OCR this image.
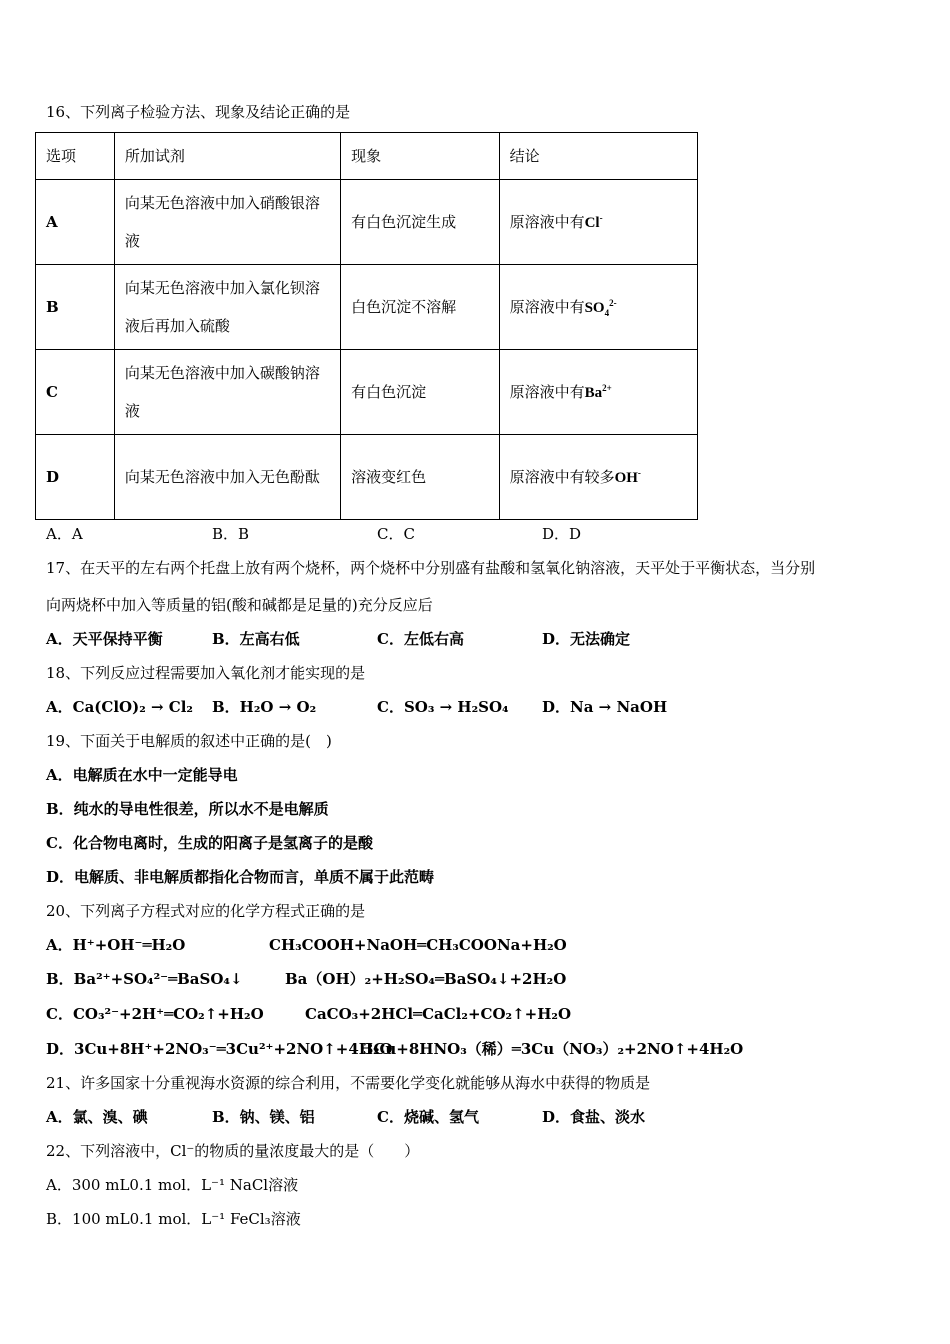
16、下列离子检验方法、现象及结论正确的是
选项	所加试剂	现象	结论
A	向某无色溶液中加入硝酸银溶液	有白色沉淀生成	原溶液中有Cl-
B	向某无色溶液中加入氯化钡溶液后再加入硫酸	白色沉淀不溶解	原溶液中有$SO_4^{2-}$
C	向某无色溶液中加入碳酸钠溶液	有白色沉淀	原溶液中有$Ba^{2+}$
D	向某无色溶液中加入无色酚酞	溶液变红色	原溶液中有较多OH-
A．A	B．B	C．C	D．D
17、在天平的左右两个托盘上放有两个烧杯，两个烧杯中分别盛有盐酸和氢氧化钠溶液，天平处于平衡状态，当分别
向两烧杯中加入等质量的铝(酸和碱都是足量的)充分反应后
A．天平保持平衡	B．左高右低	C．左低右高	D．无法确定
18、下列反应过程需要加入氧化剂才能实现的是
A．Ca(ClO)₂ → Cl₂ B．H₂O → O₂	C．SO₃ → H₂SO₄ D．Na → NaOH
19、下面关于电解质的叙述中正确的是(　)
A．电解质在水中一定能导电
B．纯水的导电性很差，所以水不是电解质
C．化合物电离时，生成的阳离子是氢离子的是酸
D．电解质、非电解质都指化合物而言，单质不属于此范畴
20、下列离子方程式对应的化学方程式正确的是
A．H⁺+OH⁻═H₂O	CH₃COOH+NaOH═CH₃COONa+H₂O
B．Ba²⁺+SO₄²⁻═BaSO₄↓	Ba（OH）₂+H₂SO₄═BaSO₄↓+2H₂O
C．CO₃²⁻+2H⁺═CO₂↑+H₂O	CaCO₃+2HCl═CaCl₂+CO₂↑+H₂O
D．3Cu+8H⁺+2NO₃⁻═3Cu²⁺+2NO↑+4H₂O
3Cu+8HNO₃（稀）═3Cu（NO₃）₂+2NO↑+4H₂O
21、许多国家十分重视海水资源的综合利用，不需要化学变化就能够从海水中获得的物质是
A．氯、溴、碘	B．钠、镁、铝	C．烧碱、氢气	D．食盐、淡水
22、下列溶液中，Cl⁻的物质的量浓度最大的是（　　）
A．300 mL0.1 mol．L⁻¹ NaCl溶液
B．100 mL0.1 mol．L⁻¹ FeCl₃溶液
